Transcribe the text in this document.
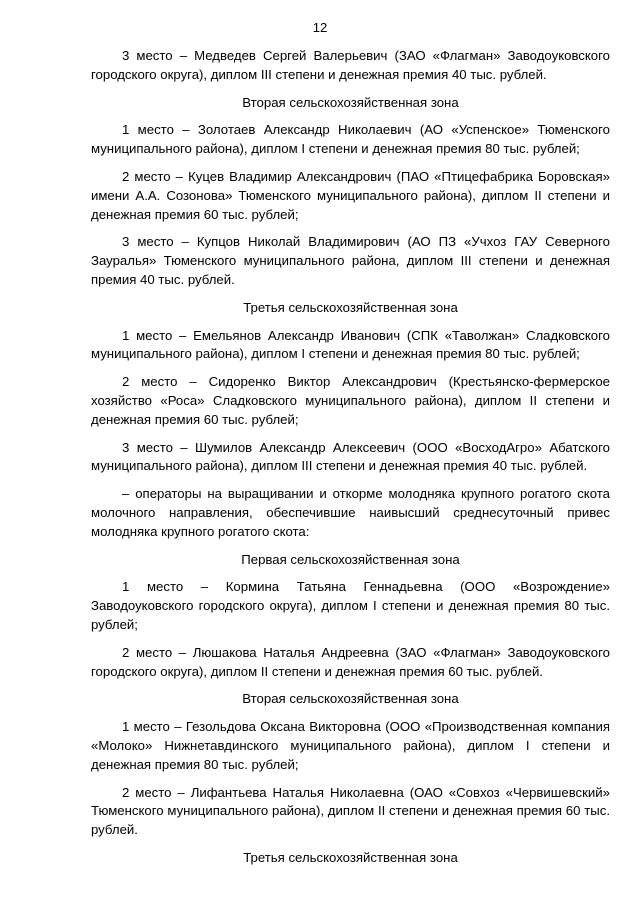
12

3 место – Медведев Сергей Валерьевич (ЗАО «Флагман» Заводоуковского городского округа), диплом III степени и денежная премия 40 тыс. рублей.

Вторая сельскохозяйственная зона

1 место – Золотаев Александр Николаевич (АО «Успенское» Тюменского муниципального района), диплом I степени и денежная премия 80 тыс. рублей;

2 место – Куцев Владимир Александрович (ПАО «Птицефабрика Боровская» имени А.А. Созонова» Тюменского муниципального района), диплом II степени и денежная премия 60 тыс. рублей;

3 место – Купцов Николай Владимирович (АО ПЗ «Учхоз ГАУ Северного Зауралья» Тюменского муниципального района, диплом III степени и денежная премия 40 тыс. рублей.

Третья сельскохозяйственная зона

1 место – Емельянов Александр Иванович (СПК «Таволжан» Сладковского муниципального района), диплом I степени и денежная премия 80 тыс. рублей;

2 место – Сидоренко Виктор Александрович (Крестьянско-фермерское хозяйство «Роса» Сладковского муниципального района), диплом II степени и денежная премия 60 тыс. рублей;

3 место – Шумилов Александр Алексеевич (ООО «ВосходАгро» Абатского муниципального района), диплом III степени и денежная премия 40 тыс. рублей.

– операторы на выращивании и откорме молодняка крупного рогатого скота молочного направления, обеспечившие наивысший среднесуточный привес молодняка крупного рогатого скота:

Первая сельскохозяйственная зона

1 место – Кормина Татьяна Геннадьевна (ООО «Возрождение» Заводоуковского городского округа), диплом I степени и денежная премия 80 тыс. рублей;

2 место – Люшакова Наталья Андреевна (ЗАО «Флагман» Заводоуковского городского округа), диплом II степени и денежная премия 60 тыс. рублей.

Вторая сельскохозяйственная зона

1 место – Гезольдова Оксана Викторовна (ООО «Производственная компания «Молоко» Нижнетавдинского муниципального района), диплом I степени и денежная премия 80 тыс. рублей;

2 место – Лифантьева Наталья Николаевна (ОАО «Совхоз «Червишевский» Тюменского муниципального района), диплом II степени и денежная премия 60 тыс. рублей.

Третья сельскохозяйственная зона
